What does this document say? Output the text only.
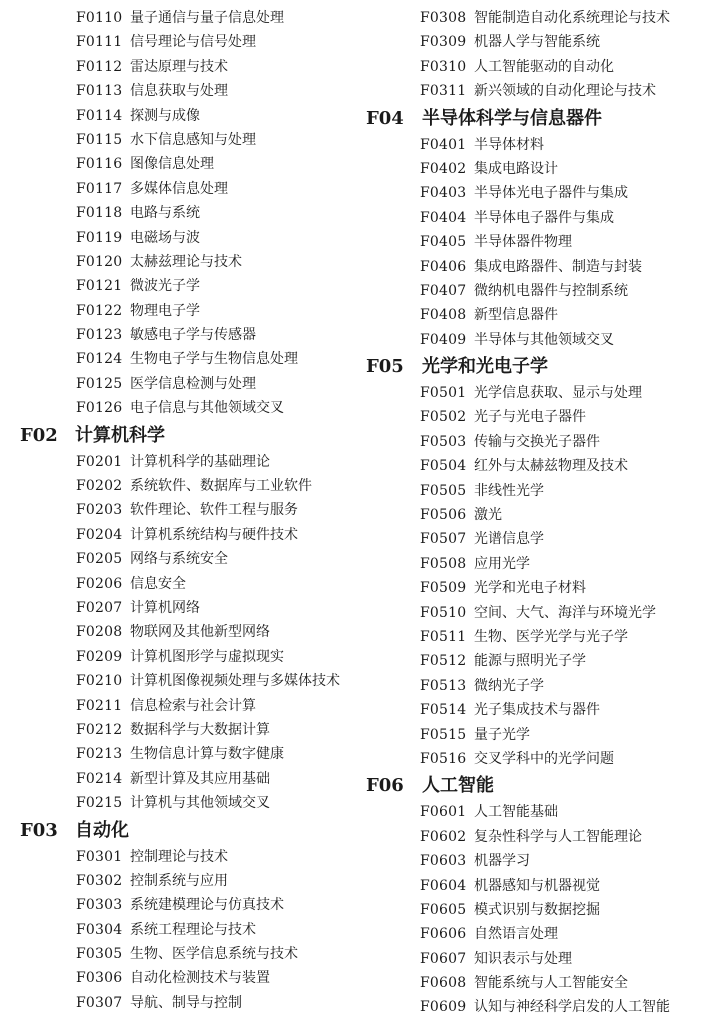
F0110 量子通信与量子信息处理
F0111 信号理论与信号处理
F0112 雷达原理与技术
F0113 信息获取与处理
F0114 探测与成像
F0115 水下信息感知与处理
F0116 图像信息处理
F0117 多媒体信息处理
F0118 电路与系统
F0119 电磁场与波
F0120 太赫兹理论与技术
F0121 微波光子学
F0122 物理电子学
F0123 敏感电子学与传感器
F0124 生物电子学与生物信息处理
F0125 医学信息检测与处理
F0126 电子信息与其他领域交叉
F02 计算机科学
F0201 计算机科学的基础理论
F0202 系统软件、数据库与工业软件
F0203 软件理论、软件工程与服务
F0204 计算机系统结构与硬件技术
F0205 网络与系统安全
F0206 信息安全
F0207 计算机网络
F0208 物联网及其他新型网络
F0209 计算机图形学与虚拟现实
F0210 计算机图像视频处理与多媒体技术
F0211 信息检索与社会计算
F0212 数据科学与大数据计算
F0213 生物信息计算与数字健康
F0214 新型计算及其应用基础
F0215 计算机与其他领域交叉
F03 自动化
F0301 控制理论与技术
F0302 控制系统与应用
F0303 系统建模理论与仿真技术
F0304 系统工程理论与技术
F0305 生物、医学信息系统与技术
F0306 自动化检测技术与装置
F0307 导航、制导与控制
F0308 智能制造自动化系统理论与技术
F0309 机器人学与智能系统
F0310 人工智能驱动的自动化
F0311 新兴领域的自动化理论与技术
F04 半导体科学与信息器件
F0401 半导体材料
F0402 集成电路设计
F0403 半导体光电子器件与集成
F0404 半导体电子器件与集成
F0405 半导体器件物理
F0406 集成电路器件、制造与封装
F0407 微纳机电器件与控制系统
F0408 新型信息器件
F0409 半导体与其他领域交叉
F05 光学和光电子学
F0501 光学信息获取、显示与处理
F0502 光子与光电子器件
F0503 传输与交换光子器件
F0504 红外与太赫兹物理及技术
F0505 非线性光学
F0506 激光
F0507 光谱信息学
F0508 应用光学
F0509 光学和光电子材料
F0510 空间、大气、海洋与环境光学
F0511 生物、医学光学与光子学
F0512 能源与照明光子学
F0513 微纳光子学
F0514 光子集成技术与器件
F0515 量子光学
F0516 交叉学科中的光学问题
F06 人工智能
F0601 人工智能基础
F0602 复杂性科学与人工智能理论
F0603 机器学习
F0604 机器感知与机器视觉
F0605 模式识别与数据挖掘
F0606 自然语言处理
F0607 知识表示与处理
F0608 智能系统与人工智能安全
F0609 认知与神经科学启发的人工智能
